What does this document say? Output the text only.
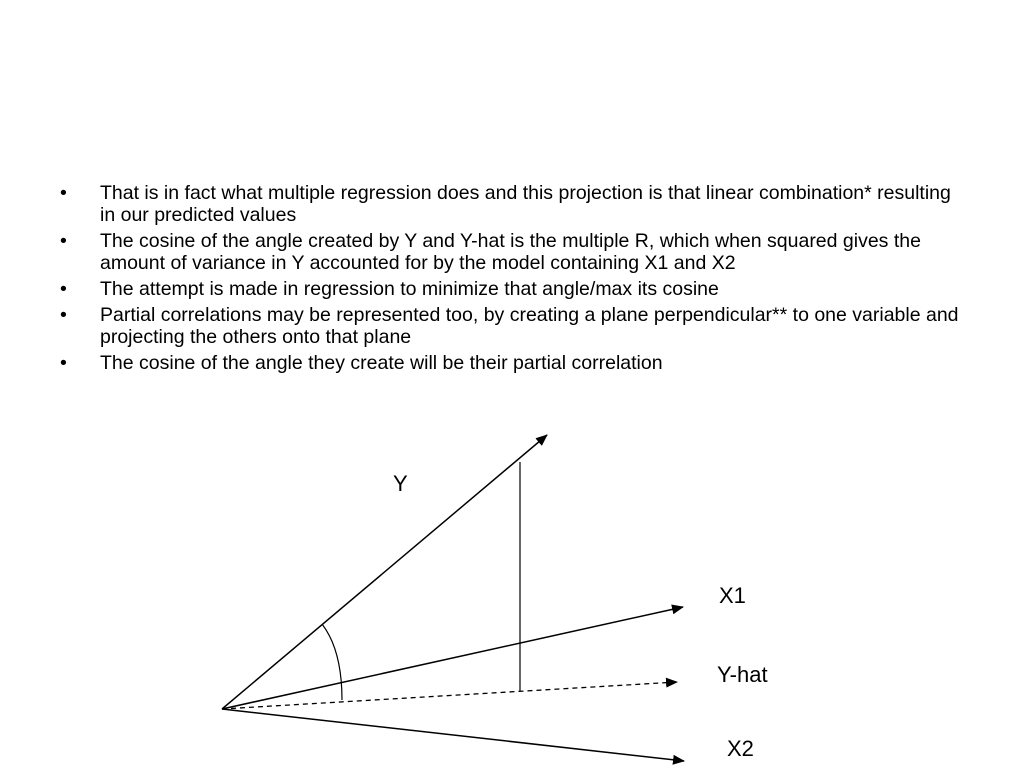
• That is in fact what multiple regression does and this projection is that linear combination* resulting in our predicted values
• The cosine of the angle created by Y and Y-hat is the multiple R, which when squared gives the amount of variance in Y accounted for by the model containing X1 and X2
• The attempt is made in regression to minimize that angle/max its cosine
• Partial correlations may be represented too, by creating a plane perpendicular** to one variable and projecting the others onto that plane
• The cosine of the angle they create will be their partial correlation
Y
X1
Y-hat
X2
